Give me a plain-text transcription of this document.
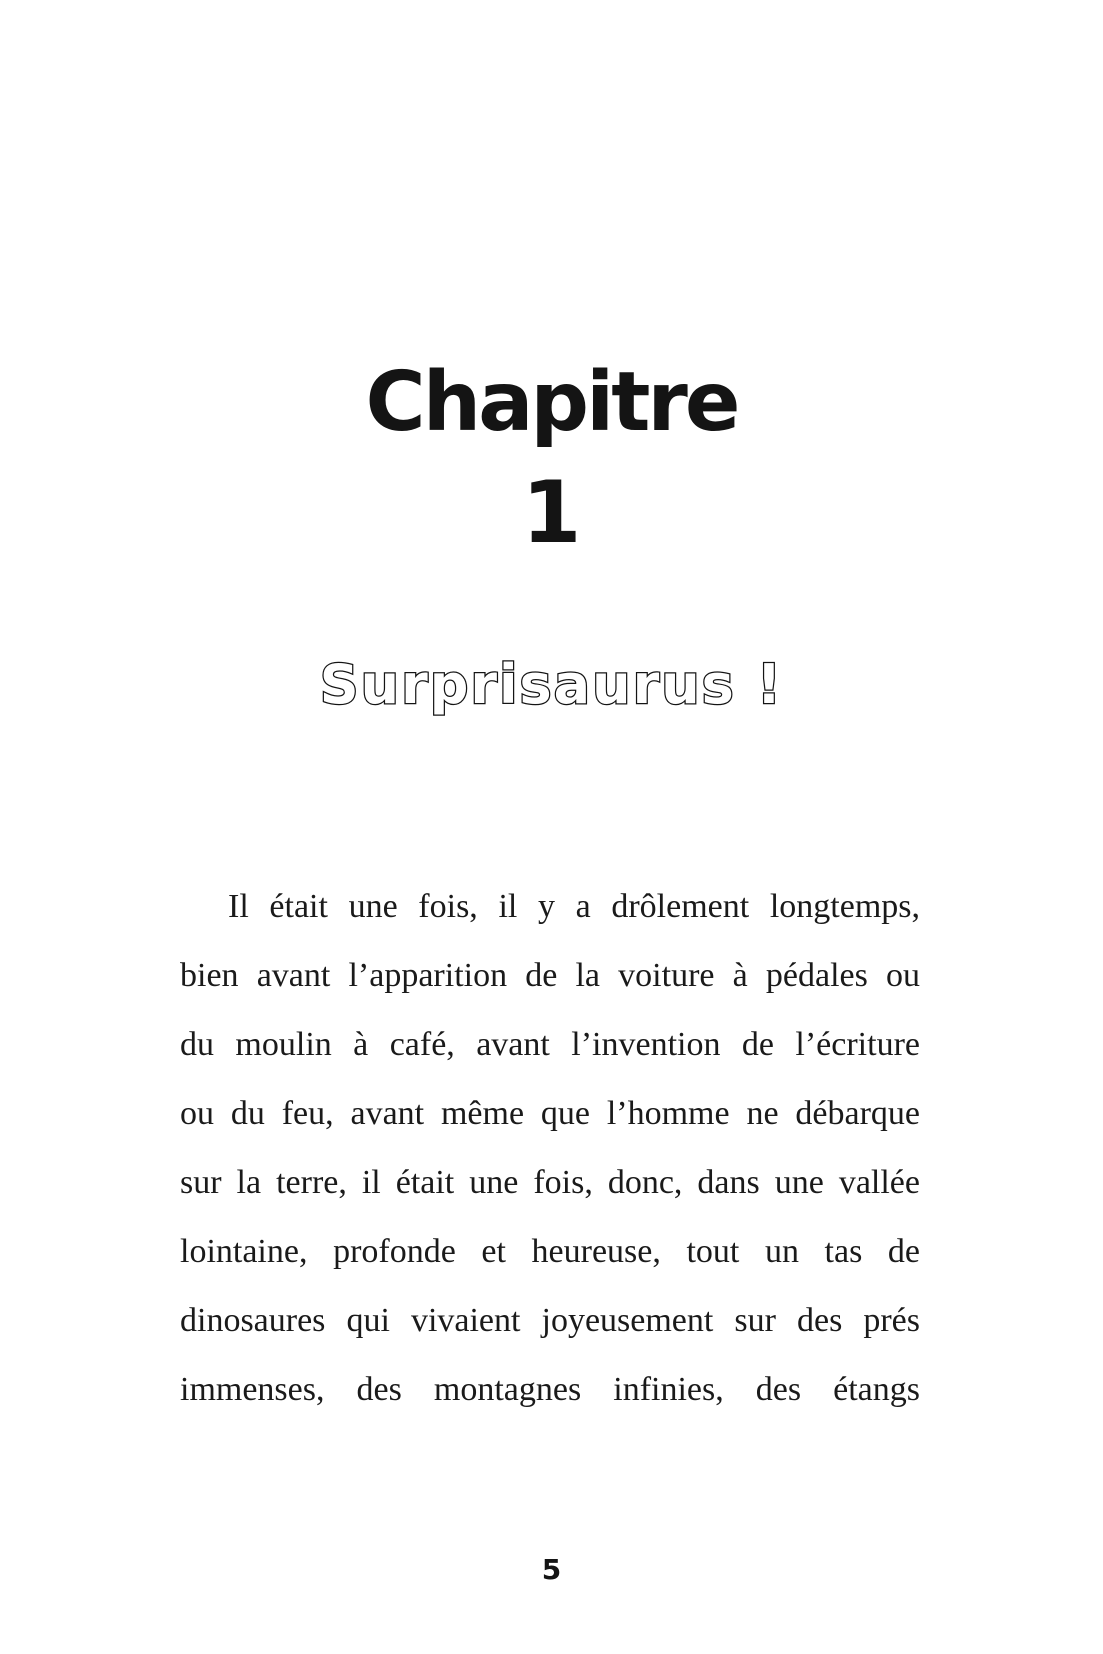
Chapitre
1
Surprisaurus !
Il était une fois, il y a drôlement longtemps,
bien avant l’apparition de la voiture à pédales ou
du moulin à café, avant l’invention de l’écriture
ou du feu, avant même que l’homme ne débarque
sur la terre, il était une fois, donc, dans une vallée
lointaine, profonde et heureuse, tout un tas de
dinosaures qui vivaient joyeusement sur des prés
immenses, des montagnes infinies, des étangs
5
